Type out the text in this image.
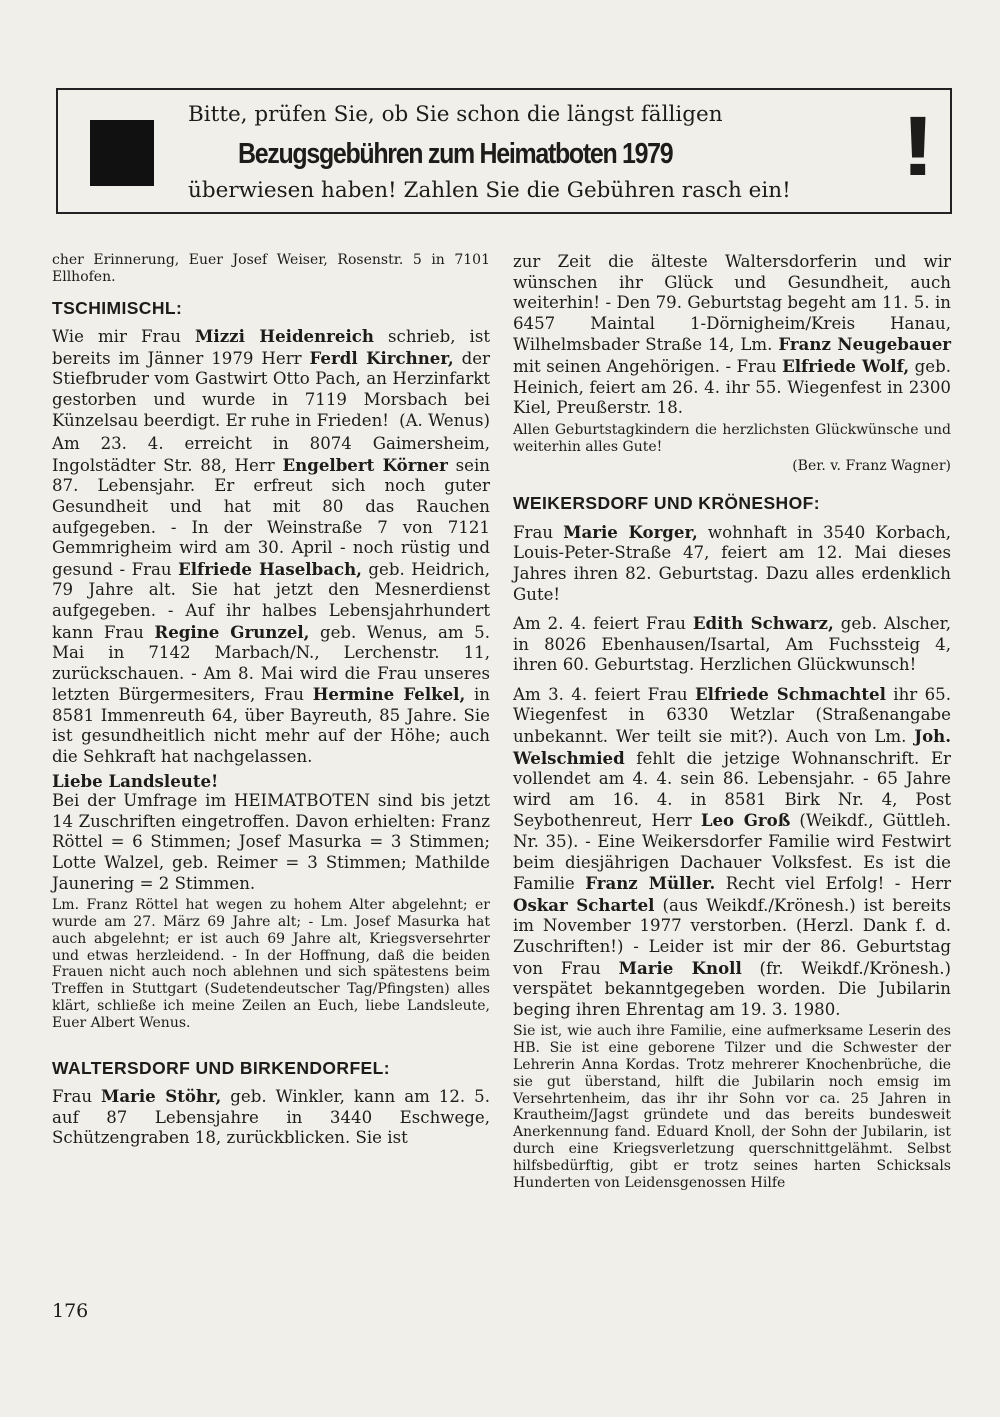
Bitte, prüfen Sie, ob Sie schon die längst fälligen
Bezugsgebühren zum Heimatboten 1979
überwiesen haben! Zahlen Sie die Gebühren rasch ein! !

cher Erinnerung, Euer Josef Weiser, Rosenstr. 5 in 7101 Ellhofen.

TSCHIMISCHL:

Wie mir Frau Mizzi Heidenreich schrieb, ist bereits im Jänner 1979 Herr Ferdl Kirchner, der Stiefbruder vom Gastwirt Otto Pach, an Herzinfarkt gestorben und wurde in 7119 Morsbach bei Künzelsau beerdigt. Er ruhe in Frieden! (A. Wenus)

Am 23. 4. erreicht in 8074 Gaimersheim, Ingolstädter Str. 88, Herr Engelbert Körner sein 87. Lebensjahr. Er erfreut sich noch guter Gesundheit und hat mit 80 das Rauchen aufgegeben. - In der Weinstraße 7 von 7121 Gemmrigheim wird am 30. April - noch rüstig und gesund - Frau Elfriede Haselbach, geb. Heidrich, 79 Jahre alt. Sie hat jetzt den Mesnerdienst aufgegeben. - Auf ihr halbes Lebensjahrhundert kann Frau Regine Grunzel, geb. Wenus, am 5. Mai in 7142 Marbach/N., Lerchenstr. 11, zurückschauen. - Am 8. Mai wird die Frau unseres letzten Bürgermesiters, Frau Hermine Felkel, in 8581 Immenreuth 64, über Bayreuth, 85 Jahre. Sie ist gesundheitlich nicht mehr auf der Höhe; auch die Sehkraft hat nachgelassen.

Liebe Landsleute!

Bei der Umfrage im HEIMATBOTEN sind bis jetzt 14 Zuschriften eingetroffen. Davon erhielten: Franz Röttel = 6 Stimmen; Josef Masurka = 3 Stimmen; Lotte Walzel, geb. Reimer = 3 Stimmen; Mathilde Jaunering = 2 Stimmen.

Lm. Franz Röttel hat wegen zu hohem Alter abgelehnt; er wurde am 27. März 69 Jahre alt; - Lm. Josef Masurka hat auch abgelehnt; er ist auch 69 Jahre alt, Kriegsversehrter und etwas herzleidend. - In der Hoffnung, daß die beiden Frauen nicht auch noch ablehnen und sich spätestens beim Treffen in Stuttgart (Sudetendeutscher Tag/Pfingsten) alles klärt, schließe ich meine Zeilen an Euch, liebe Landsleute, Euer Albert Wenus.

WALTERSDORF UND BIRKENDORFEL:

Frau Marie Stöhr, geb. Winkler, kann am 12. 5. auf 87 Lebensjahre in 3440 Eschwege, Schützengraben 18, zurückblicken. Sie ist

zur Zeit die älteste Waltersdorferin und wir wünschen ihr Glück und Gesundheit, auch weiterhin! - Den 79. Geburtstag begeht am 11. 5. in 6457 Maintal 1-Dörnigheim/Kreis Hanau, Wilhelmsbader Straße 14, Lm. Franz Neugebauer mit seinen Angehörigen. - Frau Elfriede Wolf, geb. Heinich, feiert am 26. 4. ihr 55. Wiegenfest in 2300 Kiel, Preußerstr. 18.

Allen Geburtstagkindern die herzlichsten Glückwünsche und weiterhin alles Gute!

(Ber. v. Franz Wagner)

WEIKERSDORF UND KRÖNESHOF:

Frau Marie Korger, wohnhaft in 3540 Korbach, Louis-Peter-Straße 47, feiert am 12. Mai dieses Jahres ihren 82. Geburtstag. Dazu alles erdenklich Gute!

Am 2. 4. feiert Frau Edith Schwarz, geb. Alscher, in 8026 Ebenhausen/Isartal, Am Fuchssteig 4, ihren 60. Geburtstag. Herzlichen Glückwunsch!

Am 3. 4. feiert Frau Elfriede Schmachtel ihr 65. Wiegenfest in 6330 Wetzlar (Straßenangabe unbekannt. Wer teilt sie mit?). Auch von Lm. Joh. Welschmied fehlt die jetzige Wohnanschrift. Er vollendet am 4. 4. sein 86. Lebensjahr. - 65 Jahre wird am 16. 4. in 8581 Birk Nr. 4, Post Seybothenreut, Herr Leo Groß (Weikdf., Güttleh. Nr. 35). - Eine Weikersdorfer Familie wird Festwirt beim diesjährigen Dachauer Volksfest. Es ist die Familie Franz Müller. Recht viel Erfolg! - Herr Oskar Schartel (aus Weikdf./Krönesh.) ist bereits im November 1977 verstorben. (Herzl. Dank f. d. Zuschriften!) - Leider ist mir der 86. Geburtstag von Frau Marie Knoll (fr. Weikdf./Krönesh.) verspätet bekanntgegeben worden. Die Jubilarin beging ihren Ehrentag am 19. 3. 1980.

Sie ist, wie auch ihre Familie, eine aufmerksame Leserin des HB. Sie ist eine geborene Tilzer und die Schwester der Lehrerin Anna Kordas. Trotz mehrerer Knochenbrüche, die sie gut überstand, hilft die Jubilarin noch emsig im Versehrtenheim, das ihr ihr Sohn vor ca. 25 Jahren in Krautheim/Jagst gründete und das bereits bundesweit Anerkennung fand. Eduard Knoll, der Sohn der Jubilarin, ist durch eine Kriegsverletzung querschnittgelähmt. Selbst hilfsbedürftig, gibt er trotz seines harten Schicksals Hunderten von Leidensgenossen Hilfe

176
